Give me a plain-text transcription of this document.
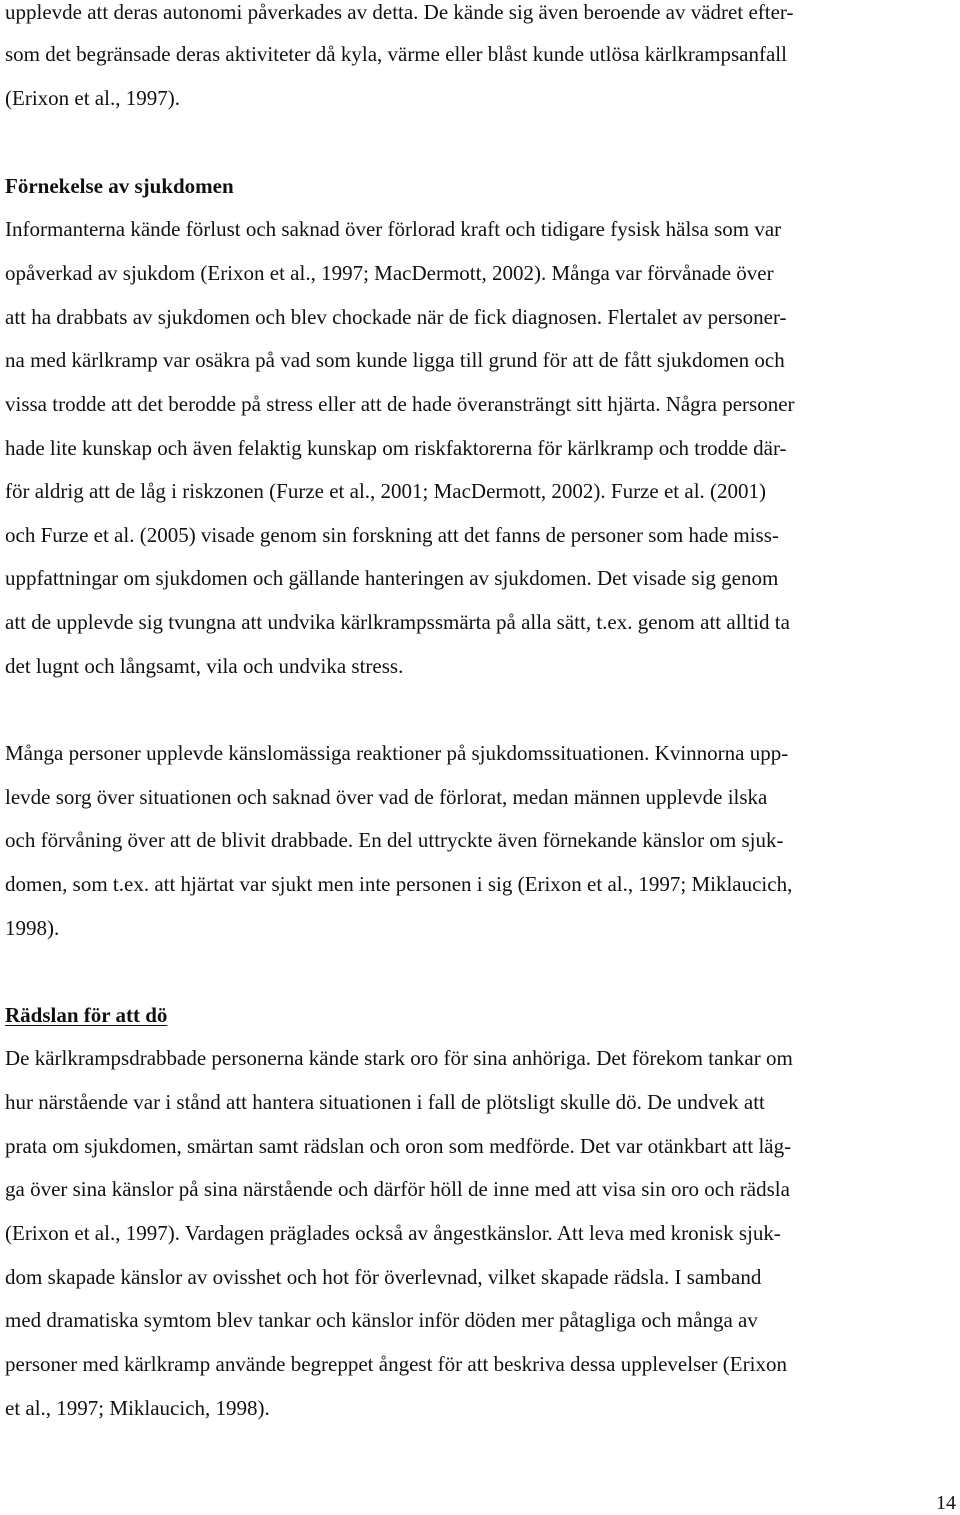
upplevde att deras autonomi påverkades av detta. De kände sig även beroende av vädret efter-
som det begränsade deras aktiviteter då kyla, värme eller blåst kunde utlösa kärlkrampsanfall
(Erixon et al., 1997).
Förnekelse av sjukdomen
Informanterna kände förlust och saknad över förlorad kraft och tidigare fysisk hälsa som var
opåverkad av sjukdom (Erixon et al., 1997; MacDermott, 2002). Många var förvånade över
att ha drabbats av sjukdomen och blev chockade när de fick diagnosen. Flertalet av personer-
na med kärlkramp var osäkra på vad som kunde ligga till grund för att de fått sjukdomen och
vissa trodde att det berodde på stress eller att de hade överansträngt sitt hjärta. Några personer
hade lite kunskap och även felaktig kunskap om riskfaktorerna för kärlkramp och trodde där-
för aldrig att de låg i riskzonen (Furze et al., 2001; MacDermott, 2002). Furze et al. (2001)
och Furze et al. (2005) visade genom sin forskning att det fanns de personer som hade miss-
uppfattningar om sjukdomen och gällande hanteringen av sjukdomen. Det visade sig genom
att de upplevde sig tvungna att undvika kärlkrampssmärta på alla sätt, t.ex. genom att alltid ta
det lugnt och långsamt, vila och undvika stress.
Många personer upplevde känslomässiga reaktioner på sjukdomssituationen. Kvinnorna upp-
levde sorg över situationen och saknad över vad de förlorat, medan männen upplevde ilska
och förvåning över att de blivit drabbade. En del uttryckte även förnekande känslor om sjuk-
domen, som t.ex. att hjärtat var sjukt men inte personen i sig (Erixon et al., 1997; Miklaucich,
1998).
Rädslan för att dö
De kärlkrampsdrabbade personerna kände stark oro för sina anhöriga. Det förekom tankar om
hur närstående var i stånd att hantera situationen i fall de plötsligt skulle dö. De undvek att
prata om sjukdomen, smärtan samt rädslan och oron som medförde. Det var otänkbart att läg-
ga över sina känslor på sina närstående och därför höll de inne med att visa sin oro och rädsla
(Erixon et al., 1997). Vardagen präglades också av ångestkänslor. Att leva med kronisk sjuk-
dom skapade känslor av ovisshet och hot för överlevnad, vilket skapade rädsla. I samband
med dramatiska symtom blev tankar och känslor inför döden mer påtagliga och många av
personer med kärlkramp använde begreppet ångest för att beskriva dessa upplevelser (Erixon
et al., 1997; Miklaucich, 1998).
14
